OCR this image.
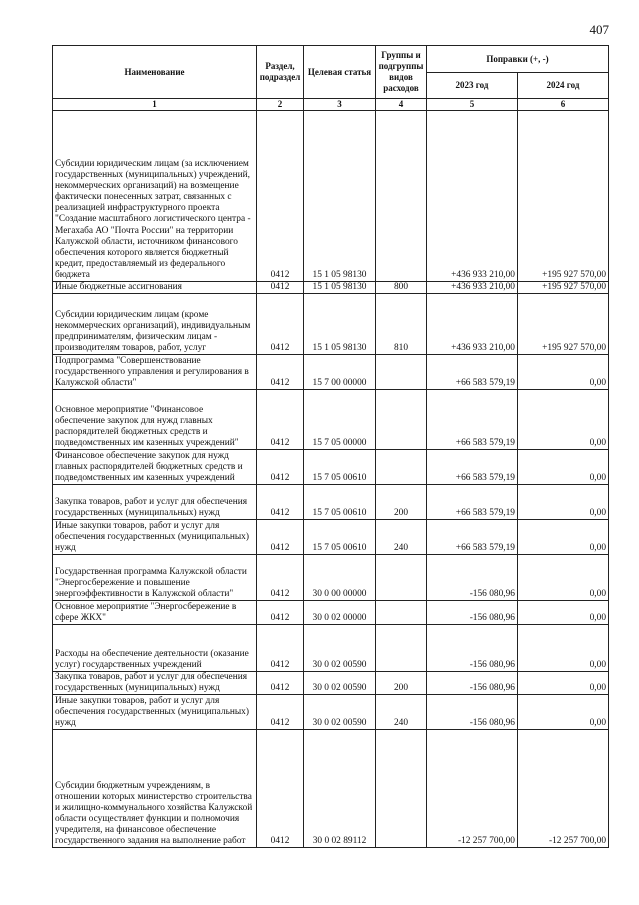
407
Наименование	Раздел, подраздел	Целевая статья	Группы и подгруппы видов расходов	Поправки (+, -)	
				2023 год	2024 год
1	2	3	4	5	6
Субсидии юридическим лицам (за исключением государственных (муниципальных) учреждений, некоммерческих организаций) на возмещение фактически понесенных затрат, связанных с реализацией инфраструктурного проекта "Создание масштабного логистического центра - Мегахаба АО "Почта России" на территории Калужской области, источником финансового обеспечения которого является бюджетный кредит, предоставляемый из федерального бюджета	0412	15 1 05 98130		+436 933 210,00	+195 927 570,00
Иные бюджетные ассигнования	0412	15 1 05 98130	800	+436 933 210,00	+195 927 570,00
Субсидии юридическим лицам (кроме некоммерческих организаций), индивидуальным предпринимателям, физическим лицам - производителям товаров, работ, услуг	0412	15 1 05 98130	810	+436 933 210,00	+195 927 570,00
Подпрограмма "Совершенствование государственного управления и регулирования в Калужской области"	0412	15 7 00 00000		+66 583 579,19	0,00
Основное мероприятие "Финансовое обеспечение закупок для нужд главных распорядителей бюджетных средств и подведомственных им казенных учреждений"	0412	15 7 05 00000		+66 583 579,19	0,00
Финансовое обеспечение закупок для нужд главных распорядителей бюджетных средств и подведомственных им казенных учреждений	0412	15 7 05 00610		+66 583 579,19	0,00
Закупка товаров, работ и услуг для обеспечения государственных (муниципальных) нужд	0412	15 7 05 00610	200	+66 583 579,19	0,00
Иные закупки товаров, работ и услуг для обеспечения государственных (муниципальных) нужд	0412	15 7 05 00610	240	+66 583 579,19	0,00
Государственная программа Калужской области "Энергосбережение и повышение энергоэффективности в Калужской области"	0412	30 0 00 00000		-156 080,96	0,00
Основное мероприятие "Энергосбережение в сфере ЖКХ"	0412	30 0 02 00000		-156 080,96	0,00
Расходы на обеспечение деятельности (оказание услуг) государственных учреждений	0412	30 0 02 00590		-156 080,96	0,00
Закупка товаров, работ и услуг для обеспечения государственных (муниципальных) нужд	0412	30 0 02 00590	200	-156 080,96	0,00
Иные закупки товаров, работ и услуг для обеспечения государственных (муниципальных) нужд	0412	30 0 02 00590	240	-156 080,96	0,00
Субсидии бюджетным учреждениям, в отношении которых министерство строительства и жилищно-коммунального хозяйства Калужской области осуществляет функции и полномочия учредителя, на финансовое обеспечение государственного задания на выполнение работ	0412	30 0 02 89112		-12 257 700,00	-12 257 700,00
